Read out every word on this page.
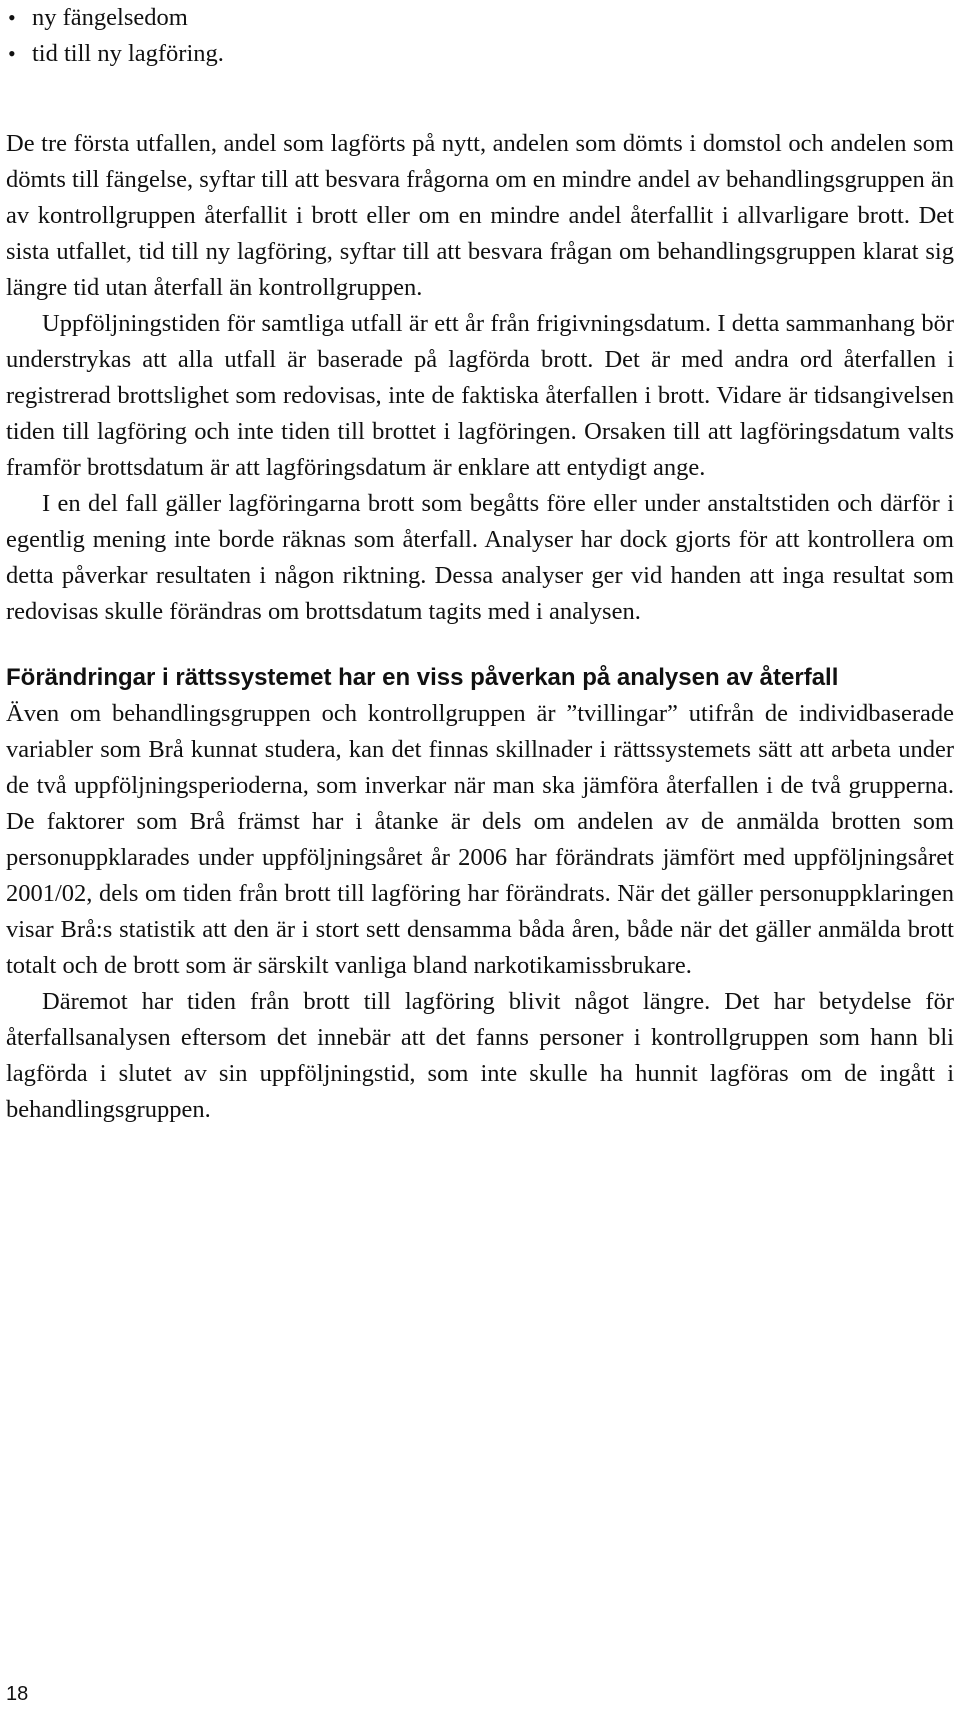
• ny fängelsedom
• tid till ny lagföring.

De tre första utfallen, andel som lagförts på nytt, andelen som dömts i domstol och andelen som dömts till fängelse, syftar till att besvara frågorna om en mindre andel av behandlingsgruppen än av kontrollgruppen återfallit i brott eller om en mindre andel återfallit i allvarligare brott. Det sista utfallet, tid till ny lagföring, syftar till att besvara frågan om behandlingsgruppen klarat sig längre tid utan återfall än kontrollgruppen.

Uppföljningstiden för samtliga utfall är ett år från frigivningsdatum. I detta sammanhang bör understrykas att alla utfall är baserade på lagförda brott. Det är med andra ord återfallen i registrerad brottslighet som redovisas, inte de faktiska återfallen i brott. Vidare är tidsangivelsen tiden till lagföring och inte tiden till brottet i lagföringen. Orsaken till att lagföringsdatum valts framför brottsdatum är att lagföringsdatum är enklare att entydigt ange.

I en del fall gäller lagföringarna brott som begåtts före eller under anstaltstiden och därför i egentlig mening inte borde räknas som återfall. Analyser har dock gjorts för att kontrollera om detta påverkar resultaten i någon riktning. Dessa analyser ger vid handen att inga resultat som redovisas skulle förändras om brottsdatum tagits med i analysen.

Förändringar i rättssystemet har en viss påverkan på analysen av återfall

Även om behandlingsgruppen och kontrollgruppen är ”tvillingar” utifrån de individbaserade variabler som Brå kunnat studera, kan det finnas skillnader i rättssystemets sätt att arbeta under de två uppföljningsperioderna, som inverkar när man ska jämföra återfallen i de två grupperna. De faktorer som Brå främst har i åtanke är dels om andelen av de anmälda brotten som personuppklarades under uppföljningsåret år 2006 har förändrats jämfört med uppföljningsåret 2001/02, dels om tiden från brott till lagföring har förändrats. När det gäller personuppklaringen visar Brå:s statistik att den är i stort sett densamma båda åren, både när det gäller anmälda brott totalt och de brott som är särskilt vanliga bland narkotikamissbrukare.

Däremot har tiden från brott till lagföring blivit något längre. Det har betydelse för återfallsanalysen eftersom det innebär att det fanns personer i kontrollgruppen som hann bli lagförda i slutet av sin uppföljningstid, som inte skulle ha hunnit lagföras om de ingått i behandlingsgruppen.

18
